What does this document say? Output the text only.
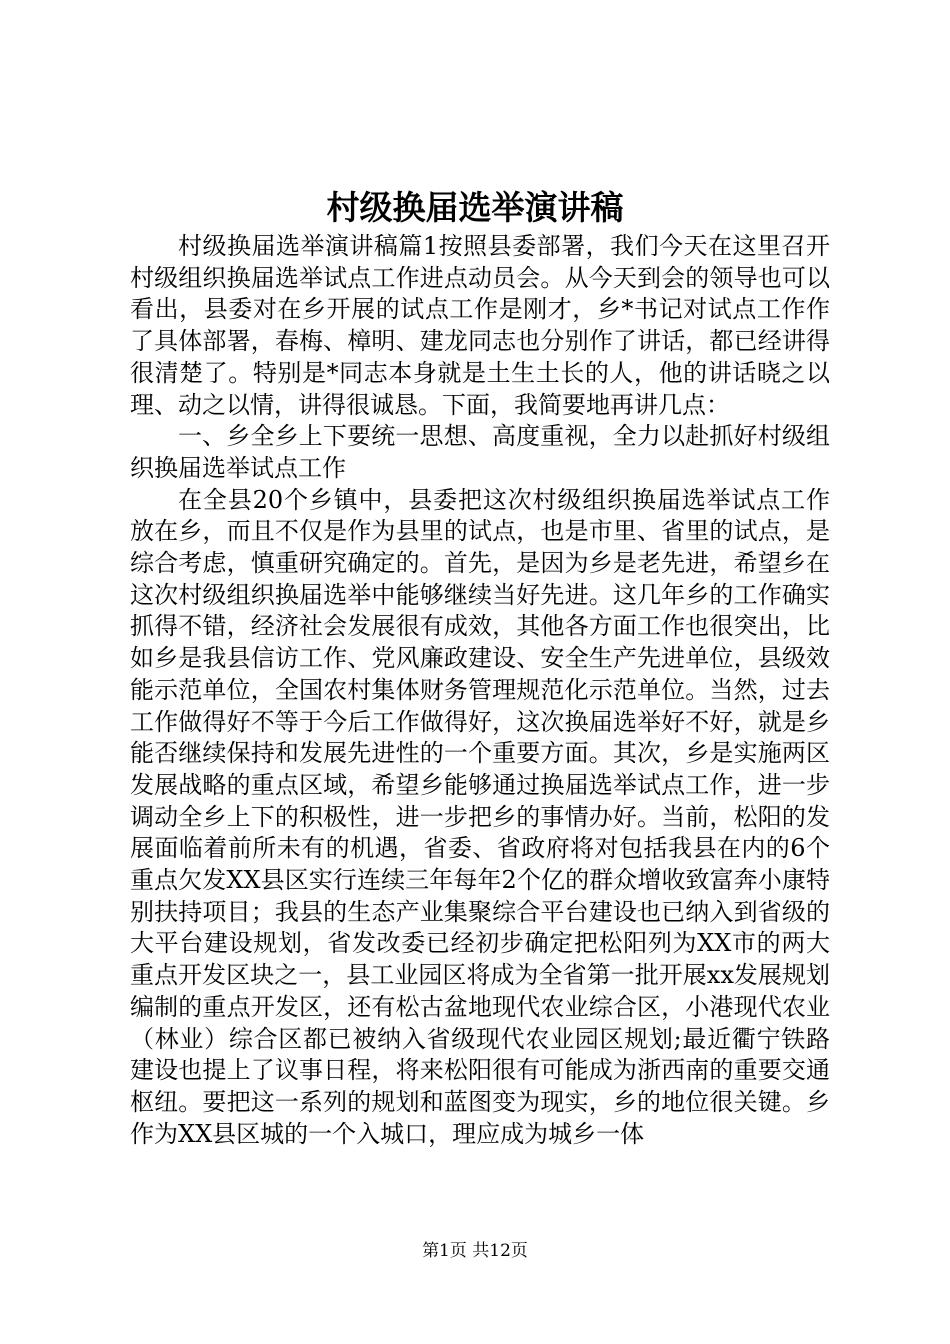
村级换届选举演讲稿

村级换届选举演讲稿篇1按照县委部署，我们今天在这里召开村级组织换届选举试点工作进点动员会。从今天到会的领导也可以看出，县委对在乡开展的试点工作是刚才，乡*书记对试点工作作了具体部署，春梅、樟明、建龙同志也分别作了讲话，都已经讲得很清楚了。特别是*同志本身就是土生土长的人，他的讲话晓之以理、动之以情，讲得很诚恳。下面，我简要地再讲几点：

一、乡全乡上下要统一思想、高度重视，全力以赴抓好村级组织换届选举试点工作

在全县20个乡镇中，县委把这次村级组织换届选举试点工作放在乡，而且不仅是作为县里的试点，也是市里、省里的试点，是综合考虑，慎重研究确定的。首先，是因为乡是老先进，希望乡在这次村级组织换届选举中能够继续当好先进。这几年乡的工作确实抓得不错，经济社会发展很有成效，其他各方面工作也很突出，比如乡是我县信访工作、党风廉政建设、安全生产先进单位，县级效能示范单位，全国农村集体财务管理规范化示范单位。当然，过去工作做得好不等于今后工作做得好，这次换届选举好不好，就是乡能否继续保持和发展先进性的一个重要方面。其次，乡是实施两区发展战略的重点区域，希望乡能够通过换届选举试点工作，进一步调动全乡上下的积极性，进一步把乡的事情办好。当前，松阳的发展面临着前所未有的机遇，省委、省政府将对包括我县在内的6个重点欠发XX县区实行连续三年每年2个亿的群众增收致富奔小康特别扶持项目；我县的生态产业集聚综合平台建设也已纳入到省级的大平台建设规划，省发改委已经初步确定把松阳列为XX市的两大重点开发区块之一，县工业园区将成为全省第一批开展xx发展规划编制的重点开发区，还有松古盆地现代农业综合区，小港现代农业（林业）综合区都已被纳入省级现代农业园区规划;最近衢宁铁路建设也提上了议事日程，将来松阳很有可能成为浙西南的重要交通枢纽。要把这一系列的规划和蓝图变为现实，乡的地位很关键。乡作为XX县区城的一个入城口，理应成为城乡一体

第1页 共12页
